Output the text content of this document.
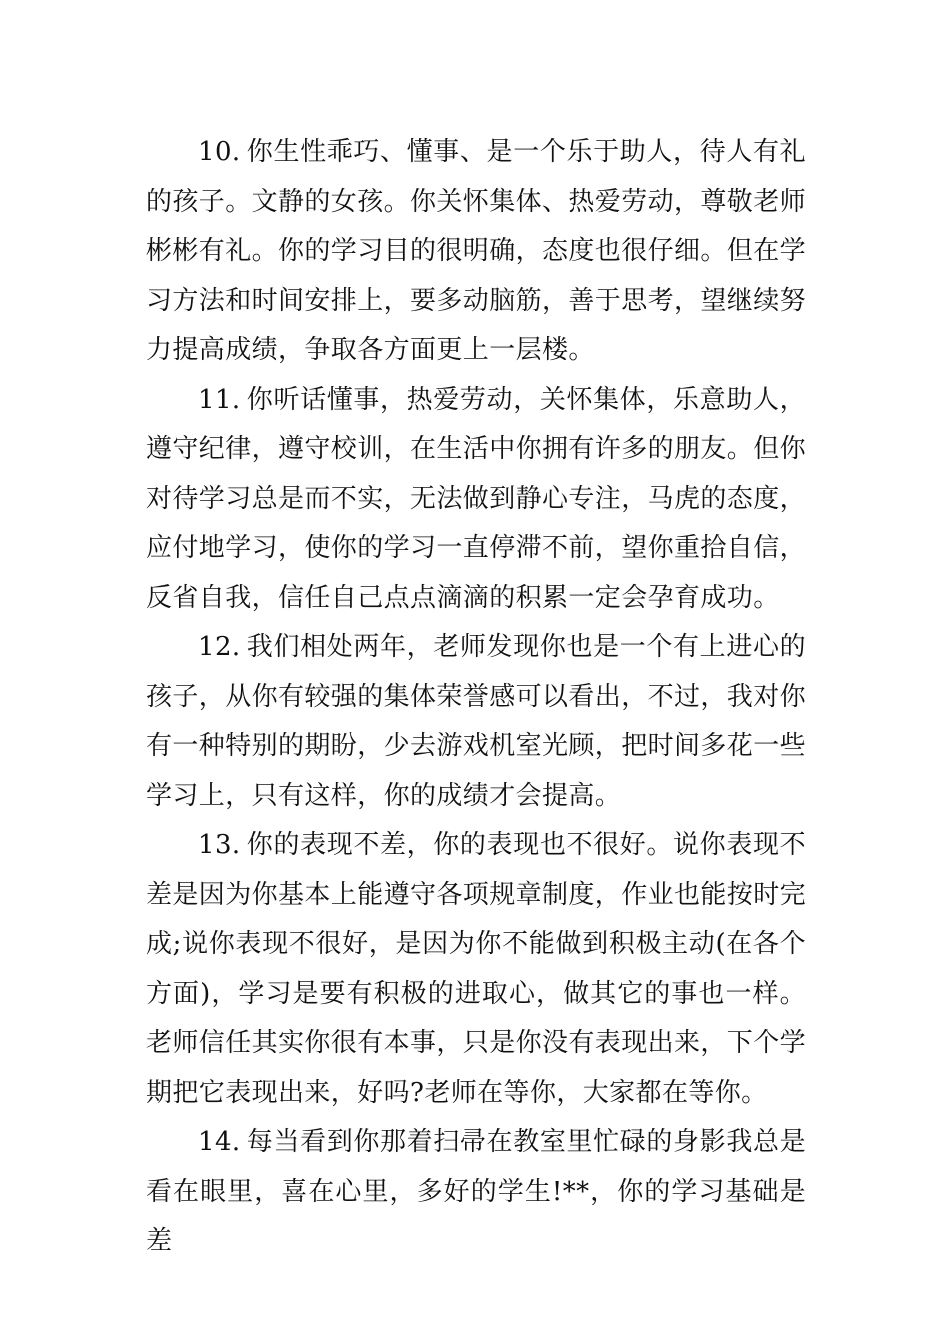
10. 你生性乖巧、懂事、是一个乐于助人，待人有礼的孩子。文静的女孩。你关怀集体、热爱劳动，尊敬老师彬彬有礼。你的学习目的很明确，态度也很仔细。但在学习方法和时间安排上，要多动脑筋，善于思考，望继续努力提高成绩，争取各方面更上一层楼。

11. 你听话懂事，热爱劳动，关怀集体，乐意助人，遵守纪律，遵守校训，在生活中你拥有许多的朋友。但你对待学习总是而不实，无法做到静心专注，马虎的态度，应付地学习，使你的学习一直停滞不前，望你重拾自信，反省自我，信任自己点点滴滴的积累一定会孕育成功。

12. 我们相处两年，老师发现你也是一个有上进心的孩子，从你有较强的集体荣誉感可以看出，不过，我对你有一种特别的期盼，少去游戏机室光顾，把时间多花一些学习上，只有这样，你的成绩才会提高。

13. 你的表现不差，你的表现也不很好。说你表现不差是因为你基本上能遵守各项规章制度，作业也能按时完成;说你表现不很好，是因为你不能做到积极主动(在各个方面)，学习是要有积极的进取心，做其它的事也一样。老师信任其实你很有本事，只是你没有表现出来，下个学期把它表现出来，好吗?老师在等你，大家都在等你。

14. 每当看到你那着扫帚在教室里忙碌的身影我总是看在眼里，喜在心里，多好的学生!**，你的学习基础是差
